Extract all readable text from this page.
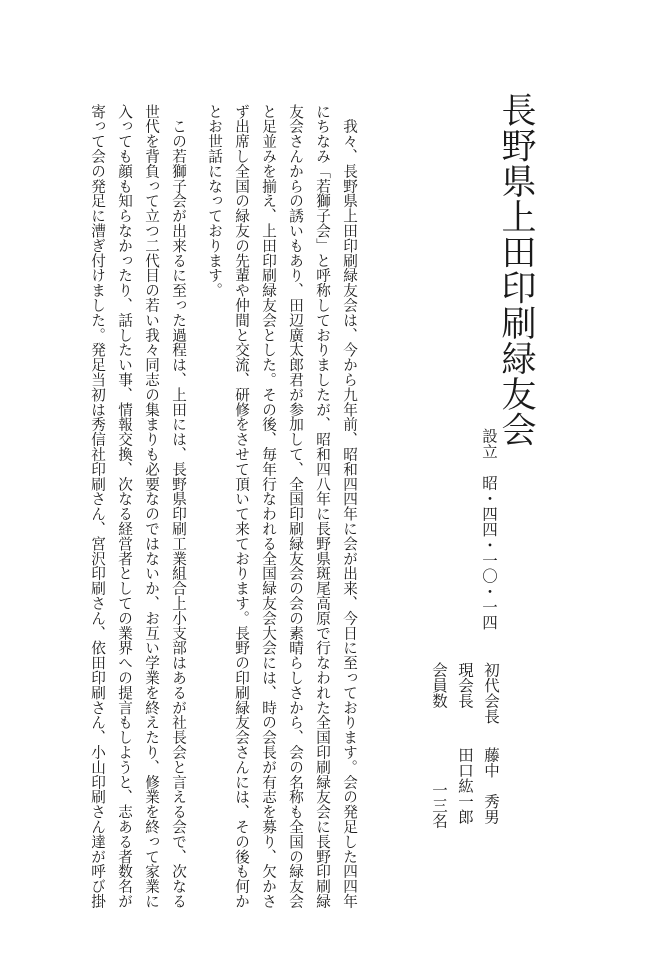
長野県上田印刷緑友会
設立昭・四四・一〇・一四
初代会長
藤中　秀男
現会長
田口紘一郎
会員数
一三名
　我々、長野県上田印刷緑友会は、今から九年前、昭和四四年に会が出来、今日に至っております。会の発足した四四年
にちなみ「若獅子会」と呼称しておりましたが、昭和四八年に長野県斑尾高原で行なわれた全国印刷緑友会に長野印刷緑
友会さんからの誘いもあり、田辺廣太郎君が参加して、全国印刷緑友会の会の素晴らしさから、会の名称も全国の緑友会
と足並みを揃え、上田印刷緑友会とした。その後、毎年行なわれる全国緑友会大会には、時の会長が有志を募り、欠かさ
ず出席し全国の緑友の先輩や仲間と交流、研修をさせて頂いて来ております。長野の印刷緑友会さんには、その後も何か
とお世話になっております。
　この若獅子会が出来るに至った過程は、上田には、長野県印刷工業組合上小支部はあるが社長会と言える会で、次なる
世代を背負って立つ二代目の若い我々同志の集まりも必要なのではないか、お互い学業を終えたり、修業を終って家業に
入っても顔も知らなかったり、話したい事、情報交換、次なる経営者としての業界への提言もしようと、志ある者数名が
寄って会の発足に漕ぎ付けました。発足当初は秀信社印刷さん、宮沢印刷さん、依田印刷さん、小山印刷さん達が呼び掛
